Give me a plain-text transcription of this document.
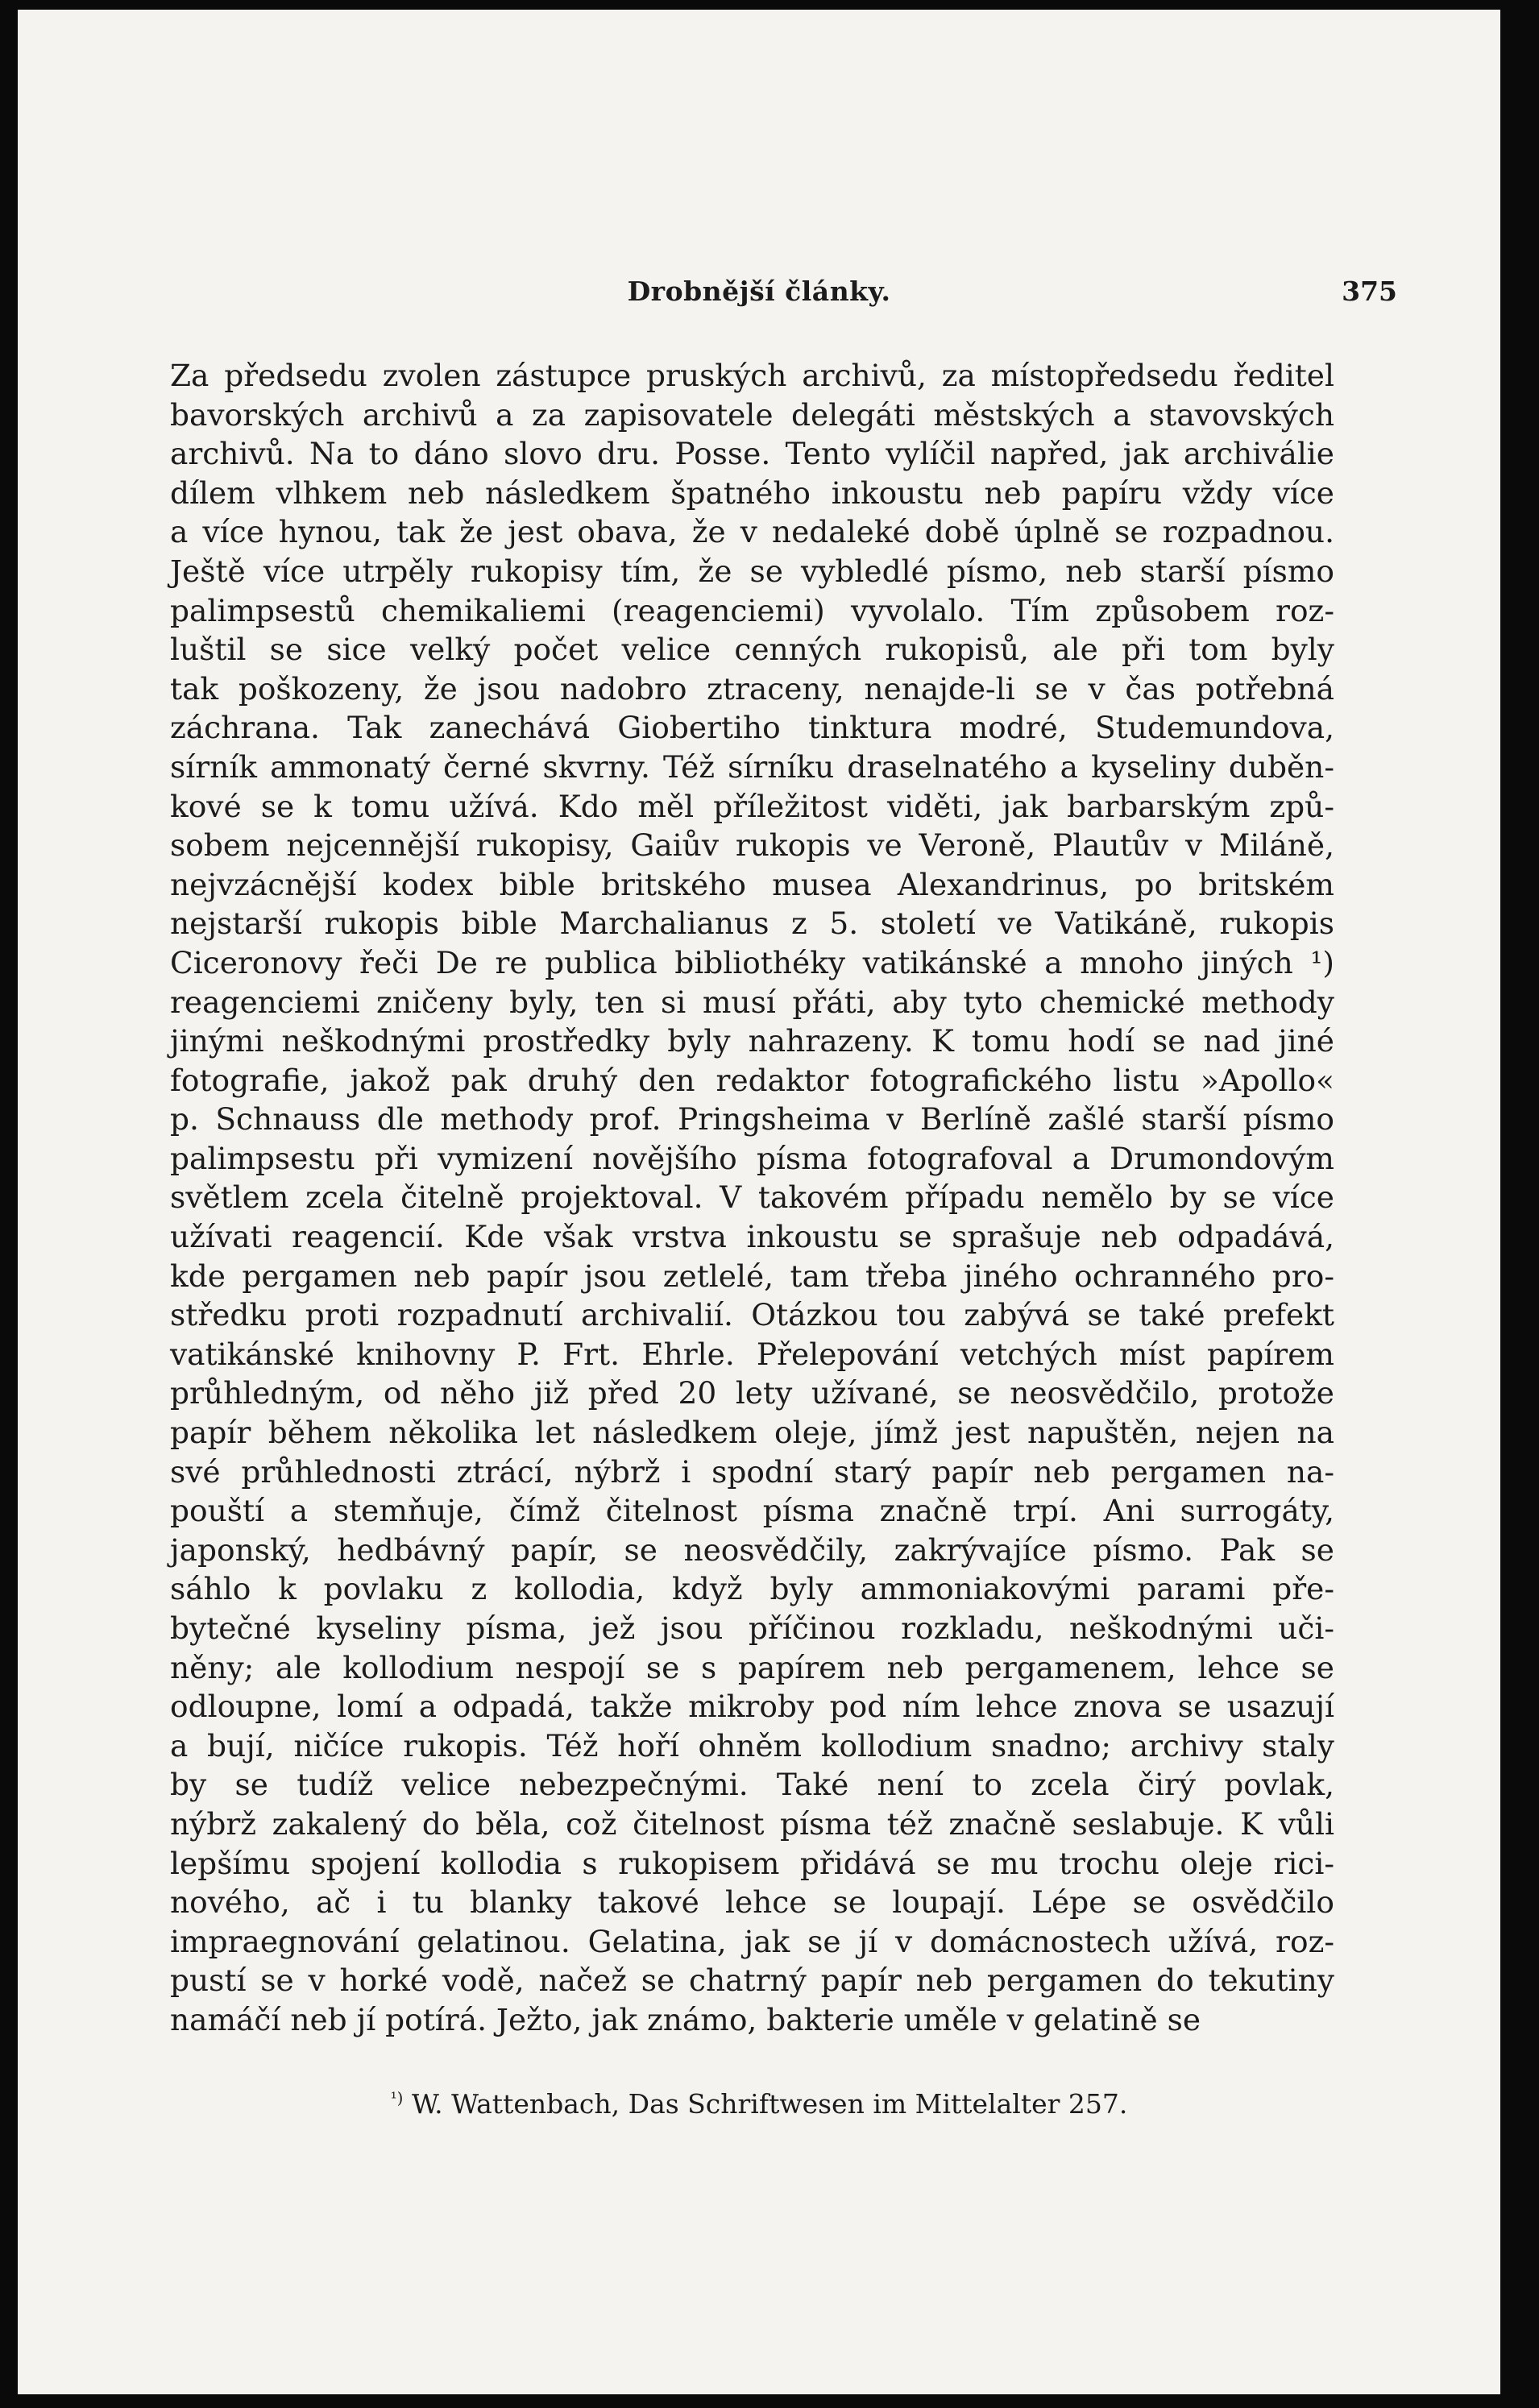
Drobnější články.	375
Za předsedu zvolen zástupce pruských archivů, za místopředsedu ředitel
bavorských archivů a za zapisovatele delegáti městských a stavovských
archivů. Na to dáno slovo dru. Posse. Tento vylíčil napřed, jak archiválie
dílem vlhkem neb následkem špatného inkoustu neb papíru vždy více
a více hynou, tak že jest obava, že v nedaleké době úplně se rozpadnou.
Ještě více utrpěly rukopisy tím, že se vybledlé písmo, neb starší písmo
palimpsestů chemikaliemi (reagenciemi) vyvolalo. Tím způsobem roz-
luštil se sice velký počet velice cenných rukopisů, ale při tom byly
tak poškozeny, že jsou nadobro ztraceny, nenajde-li se v čas potřebná
záchrana. Tak zanechává Giobertiho tinktura modré, Studemundova,
sírník ammonatý černé skvrny. Též sírníku draselnatého a kyseliny duběn-
kové se k tomu užívá. Kdo měl příležitost viděti, jak barbarským způ-
sobem nejcennější rukopisy, Gaiův rukopis ve Veroně, Plautův v Miláně,
nejvzácnější kodex bible britského musea Alexandrinus, po britském
nejstarší rukopis bible Marchalianus z 5. století ve Vatikáně, rukopis
Ciceronovy řeči De re publica bibliothéky vatikánské a mnoho jiných ¹)
reagenciemi zničeny byly, ten si musí přáti, aby tyto chemické methody
jinými neškodnými prostředky byly nahrazeny. K tomu hodí se nad jiné
fotografie, jakož pak druhý den redaktor fotografického listu »Apollo«
p. Schnauss dle methody prof. Pringsheima v Berlíně zašlé starší písmo
palimpsestu při vymizení novějšího písma fotografoval a Drumondovým
světlem zcela čitelně projektoval. V takovém případu nemělo by se více
užívati reagencií. Kde však vrstva inkoustu se sprašuje neb odpadává,
kde pergamen neb papír jsou zetlelé, tam třeba jiného ochranného pro-
středku proti rozpadnutí archivalií. Otázkou tou zabývá se také prefekt
vatikánské knihovny P. Frt. Ehrle. Přelepování vetchých míst papírem
průhledným, od něho již před 20 lety užívané, se neosvědčilo, protože
papír během několika let následkem oleje, jímž jest napuštěn, nejen na
své průhlednosti ztrácí, nýbrž i spodní starý papír neb pergamen na-
pouští a stemňuje, čímž čitelnost písma značně trpí. Ani surrogáty,
japonský, hedbávný papír, se neosvědčily, zakrývajíce písmo. Pak se
sáhlo k povlaku z kollodia, když byly ammoniakovými parami pře-
bytečné kyseliny písma, jež jsou příčinou rozkladu, neškodnými uči-
něny; ale kollodium nespojí se s papírem neb pergamenem, lehce se
odloupne, lomí a odpadá, takže mikroby pod ním lehce znova se usazují
a bují, ničíce rukopis. Též hoří ohněm kollodium snadno; archivy staly
by se tudíž velice nebezpečnými. Také není to zcela čirý povlak,
nýbrž zakalený do běla, což čitelnost písma též značně seslabuje. K vůli
lepšímu spojení kollodia s rukopisem přidává se mu trochu oleje rici-
nového, ač i tu blanky takové lehce se loupají. Lépe se osvědčilo
impraegnování gelatinou. Gelatina, jak se jí v domácnostech užívá, roz-
pustí se v horké vodě, načež se chatrný papír neb pergamen do tekutiny
namáčí neb jí potírá. Ježto, jak známo, bakterie uměle v gelatině se
$^{^1)}$ W. Wattenbach, Das Schriftwesen im Mittelalter 257.
